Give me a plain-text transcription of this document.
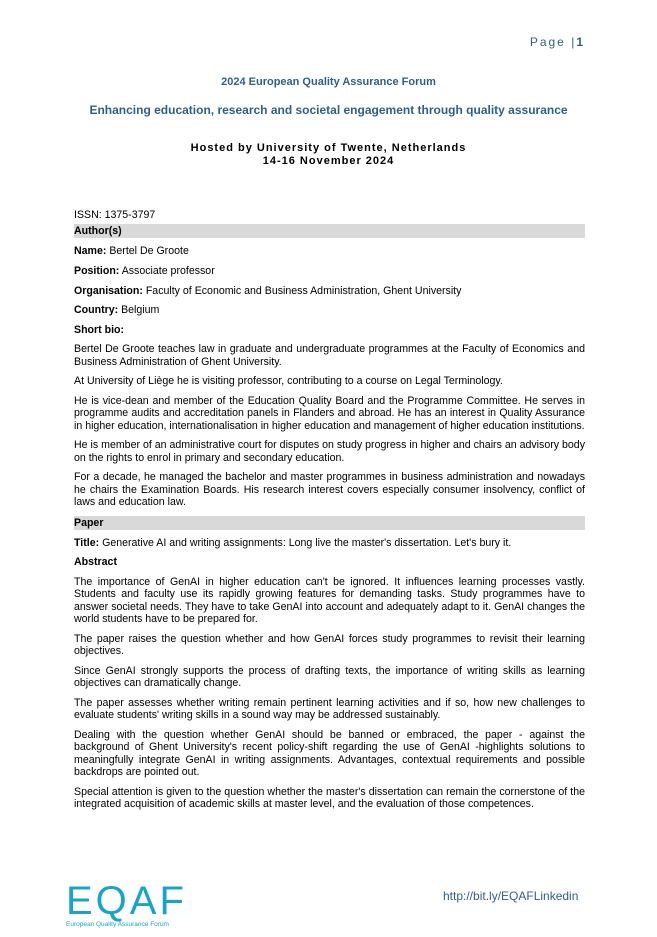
Page |1
2024 European Quality Assurance Forum
Enhancing education, research and societal engagement through quality assurance
Hosted by University of Twente, Netherlands
14-16 November 2024

ISSN: 1375-3797

Author(s)

Name: Bertel De Groote

Position: Associate professor

Organisation: Faculty of Economic and Business Administration, Ghent University

Country: Belgium

Short bio:

Bertel De Groote teaches law in graduate and undergraduate programmes at the Faculty of Economics and Business Administration of Ghent University.

At University of Liège he is visiting professor, contributing to a course on Legal Terminology.

He is vice-dean and member of the Education Quality Board and the Programme Committee. He serves in programme audits and accreditation panels in Flanders and abroad. He has an interest in Quality Assurance in higher education, internationalisation in higher education and management of higher education institutions.

He is member of an administrative court for disputes on study progress in higher and chairs an advisory body on the rights to enrol in primary and secondary education.

For a decade, he managed the bachelor and master programmes in business administration and nowadays he chairs the Examination Boards. His research interest covers especially consumer insolvency, conflict of laws and education law.

Paper

Title: Generative AI and writing assignments: Long live the master's dissertation. Let's bury it.

Abstract

The importance of GenAI in higher education can't be ignored. It influences learning processes vastly. Students and faculty use its rapidly growing features for demanding tasks. Study programmes have to answer societal needs. They have to take GenAI into account and adequately adapt to it. GenAI changes the world students have to be prepared for.

The paper raises the question whether and how GenAI forces study programmes to revisit their learning objectives.

Since GenAI strongly supports the process of drafting texts, the importance of writing skills as learning objectives can dramatically change.

The paper assesses whether writing remain pertinent learning activities and if so, how new challenges to evaluate students' writing skills in a sound way may be addressed sustainably.

Dealing with the question whether GenAI should be banned or embraced, the paper - against the background of Ghent University's recent policy-shift regarding the use of GenAI -highlights solutions to meaningfully integrate GenAI in writing assignments. Advantages, contextual requirements and possible backdrops are pointed out.

Special attention is given to the question whether the master's dissertation can remain the cornerstone of the integrated acquisition of academic skills at master level, and the evaluation of those competences.

EQAF
European Quality Assurance Forum
http://bit.ly/EQAFLinkedin
